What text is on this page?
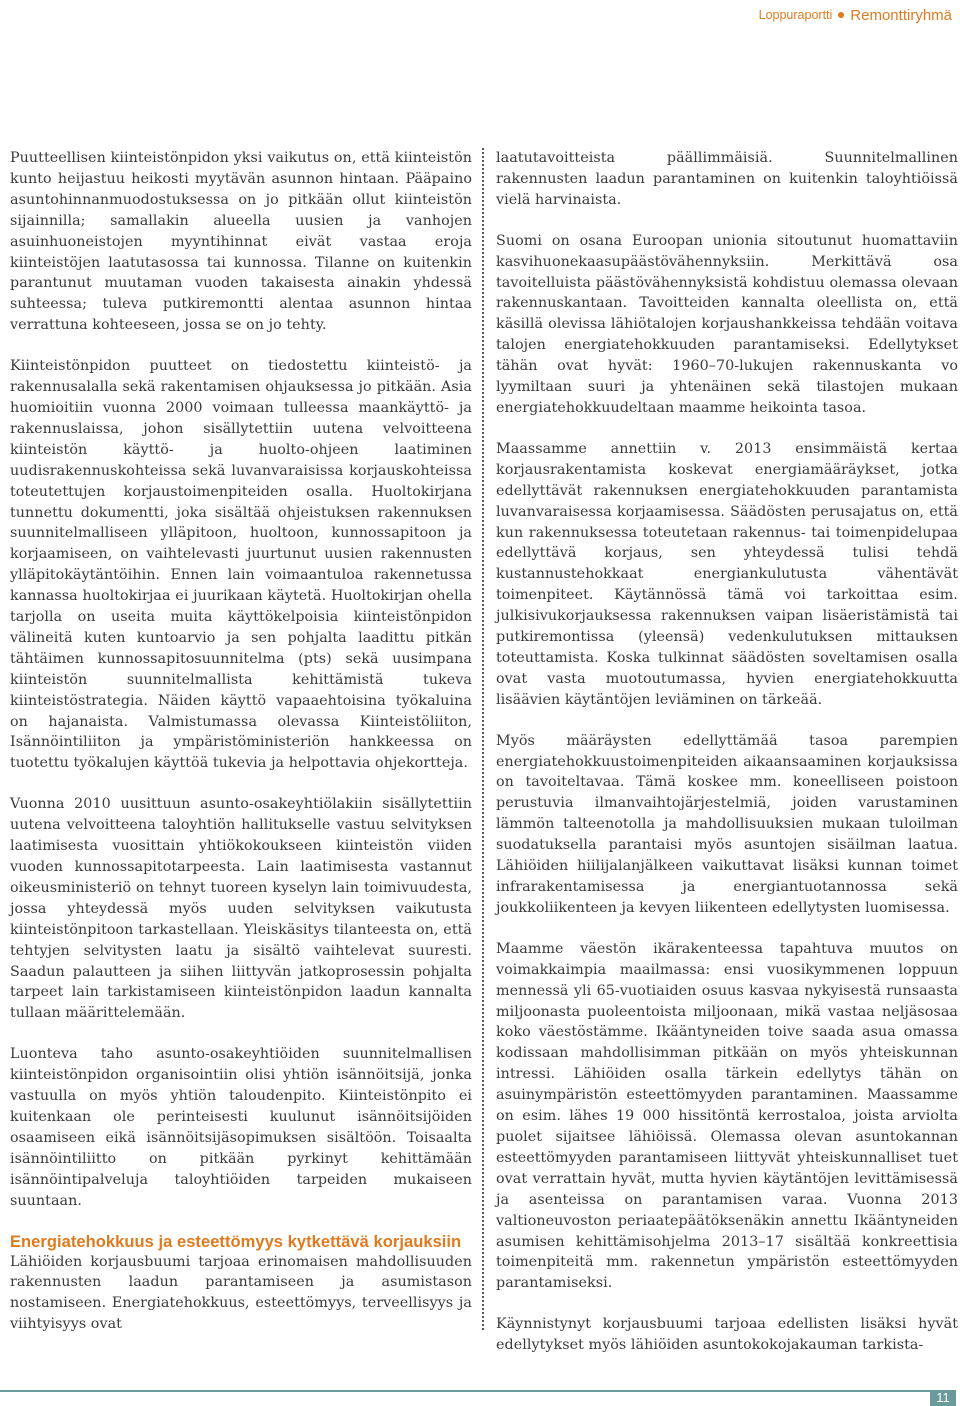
Loppuraportti Remonttiryhmä

Puutteellisen kiinteistönpidon yksi vaikutus on, että kiinteistön kunto heijastuu heikosti myytävän asunnon hintaan. Pääpaino asuntohinnanmuodostuksessa on jo pitkään ollut kiinteistön sijainnilla; samallakin alueella uusien ja vanhojen asuinhuoneistojen myyntihinnat eivät vastaa eroja kiinteistöjen laatutasossa tai kunnossa. Tilanne on kuitenkin parantunut muutaman vuoden takaisesta ainakin yhdessä suhteessa; tuleva putkiremontti alentaa asunnon hintaa verrattuna kohteeseen, jossa se on jo tehty.

Kiinteistönpidon puutteet on tiedostettu kiinteistö- ja rakennusalalla sekä rakentamisen ohjauksessa jo pitkään. Asia huomioitiin vuonna 2000 voimaan tulleessa maankäyttö- ja rakennuslaissa, johon sisällytettiin uutena velvoitteena kiinteistön käyttö- ja huolto-ohjeen laatiminen uudisrakennuskohteissa sekä luvanvaraisissa korjauskohteissa toteutettujen korjaustoimenpiteiden osalla. Huoltokirjana tunnettu dokumentti, joka sisältää ohjeistuksen rakennuksen suunnitelmalliseen ylläpitoon, huoltoon, kunnossapitoon ja korjaamiseen, on vaihtelevasti juurtunut uusien rakennusten ylläpitokäytäntöihin. Ennen lain voimaantuloa rakennetussa kannassa huoltokirjaa ei juurikaan käytetä. Huoltokirjan ohella tarjolla on useita muita käyttökelpoisia kiinteistönpidon välineitä kuten kuntoarvio ja sen pohjalta laadittu pitkän tähtäimen kunnossapitosuunnitelma (pts) sekä uusimpana kiinteistön suunnitelmallista kehittämistä tukeva kiinteistöstrategia. Näiden käyttö vapaaehtoisina työkaluina on hajanaista. Valmistumassa olevassa Kiinteistöliiton, Isännöintiliiton ja ympäristöministeriön hankkeessa on tuotettu työkalujen käyttöä tukevia ja helpottavia ohjekortteja.

Vuonna 2010 uusittuun asunto-osakeyhtiölakiin sisällytettiin uutena velvoitteena taloyhtiön hallitukselle vastuu selvityksen laatimisesta vuosittain yhtiökokoukseen kiinteistön viiden vuoden kunnossapitotarpeesta. Lain laatimisesta vastannut oikeusministeriö on tehnyt tuoreen kyselyn lain toimivuudesta, jossa yhteydessä myös uuden selvityksen vaikutusta kiinteistönpitoon tarkastellaan. Yleiskäsitys tilanteesta on, että tehtyjen selvitysten laatu ja sisältö vaihtelevat suuresti. Saadun palautteen ja siihen liittyvän jatkoprosessin pohjalta tarpeet lain tarkistamiseen kiinteistönpidon laadun kannalta tullaan määrittelemään.

Luonteva taho asunto-osakeyhtiöiden suunnitelmallisen kiinteistönpidon organisointiin olisi yhtiön isännöitsijä, jonka vastuulla on myös yhtiön taloudenpito. Kiinteistönpito ei kuitenkaan ole perinteisesti kuulunut isännöitsijöiden osaamiseen eikä isännöitsijäsopimuksen sisältöön. Toisaalta isännöintiliitto on pitkään pyrkinyt kehittämään isännöintipalveluja taloyhtiöiden tarpeiden mukaiseen suuntaan.

Energiatehokkuus ja esteettömyys kytkettävä korjauksiin

Lähiöiden korjausbuumi tarjoaa erinomaisen mahdollisuuden rakennusten laadun parantamiseen ja asumistason nostamiseen. Energiatehokkuus, esteettömyys, terveellisyys ja viihtyisyys ovat

laatutavoitteista päällimmäisiä. Suunnitelmallinen rakennusten laadun parantaminen on kuitenkin taloyhtiöissä vielä harvinaista.

Suomi on osana Euroopan unionia sitoutunut huomattaviin kasvihuonekaasupäästövähennyksiin. Merkittävä osa tavoitelluista päästövähennyksistä kohdistuu olemassa olevaan rakennuskantaan. Tavoitteiden kannalta oleellista on, että käsillä olevissa lähiötalojen korjaushankkeissa tehdään voitava talojen energiatehokkuuden parantamiseksi. Edellytykset tähän ovat hyvät: 1960–70-lukujen rakennuskanta vo lyymiltaan suuri ja yhtenäinen sekä tilastojen mukaan energiatehokkuudeltaan maamme heikointa tasoa.

Maassamme annettiin v. 2013 ensimmäistä kertaa korjausrakentamista koskevat energiamääräykset, jotka edellyttävät rakennuksen energiatehokkuuden parantamista luvanvaraisessa korjaamisessa. Säädösten perusajatus on, että kun rakennuksessa toteutetaan rakennus- tai toimenpidelupaa edellyttävä korjaus, sen yhteydessä tulisi tehdä kustannustehokkaat energiankulutusta vähentävät toimenpiteet. Käytännössä tämä voi tarkoittaa esim. julkisivukorjauksessa rakennuksen vaipan lisäeristämistä tai putkiremontissa (yleensä) vedenkulutuksen mittauksen toteuttamista. Koska tulkinnat säädösten soveltamisen osalla ovat vasta muotoutumassa, hyvien energiatehokkuutta lisäävien käytäntöjen leviäminen on tärkeää.

Myös määräysten edellyttämää tasoa parempien energiatehokkuustoimenpiteiden aikaansaaminen korjauksissa on tavoiteltavaa. Tämä koskee mm. koneelliseen poistoon perustuvia ilmanvaihtojärjestelmiä, joiden varustaminen lämmön talteenotolla ja mahdollisuuksien mukaan tuloilman suodatuksella parantaisi myös asuntojen sisäilman laatua. Lähiöiden hiilijalanjälkeen vaikuttavat lisäksi kunnan toimet infrarakentamisessa ja energiantuotannossa sekä joukkoliikenteen ja kevyen liikenteen edellytysten luomisessa.

Maamme väestön ikärakenteessa tapahtuva muutos on voimakkaimpia maailmassa: ensi vuosikymmenen loppuun mennessä yli 65-vuotiaiden osuus kasvaa nykyisestä runsaasta miljoonasta puoleentoista miljoonaan, mikä vastaa neljäsosaa koko väestöstämme. Ikääntyneiden toive saada asua omassa kodissaan mahdollisimman pitkään on myös yhteiskunnan intressi. Lähiöiden osalla tärkein edellytys tähän on asuinympäristön esteettömyyden parantaminen. Maassamme on esim. lähes 19 000 hissitöntä kerrostaloa, joista arviolta puolet sijaitsee lähiöissä. Olemassa olevan asuntokannan esteettömyyden parantamiseen liittyvät yhteiskunnalliset tuet ovat verrattain hyvät, mutta hyvien käytäntöjen levittämisessä ja asenteissa on parantamisen varaa. Vuonna 2013 valtioneuvoston periaatepäätöksenäkin annettu Ikääntyneiden asumisen kehittämisohjelma 2013–17 sisältää konkreettisia toimenpiteitä mm. rakennetun ympäristön esteettömyyden parantamiseksi.

Käynnistynyt korjausbuumi tarjoaa edellisten lisäksi hyvät edellytykset myös lähiöiden asuntokokojakauman tarkista-

11
